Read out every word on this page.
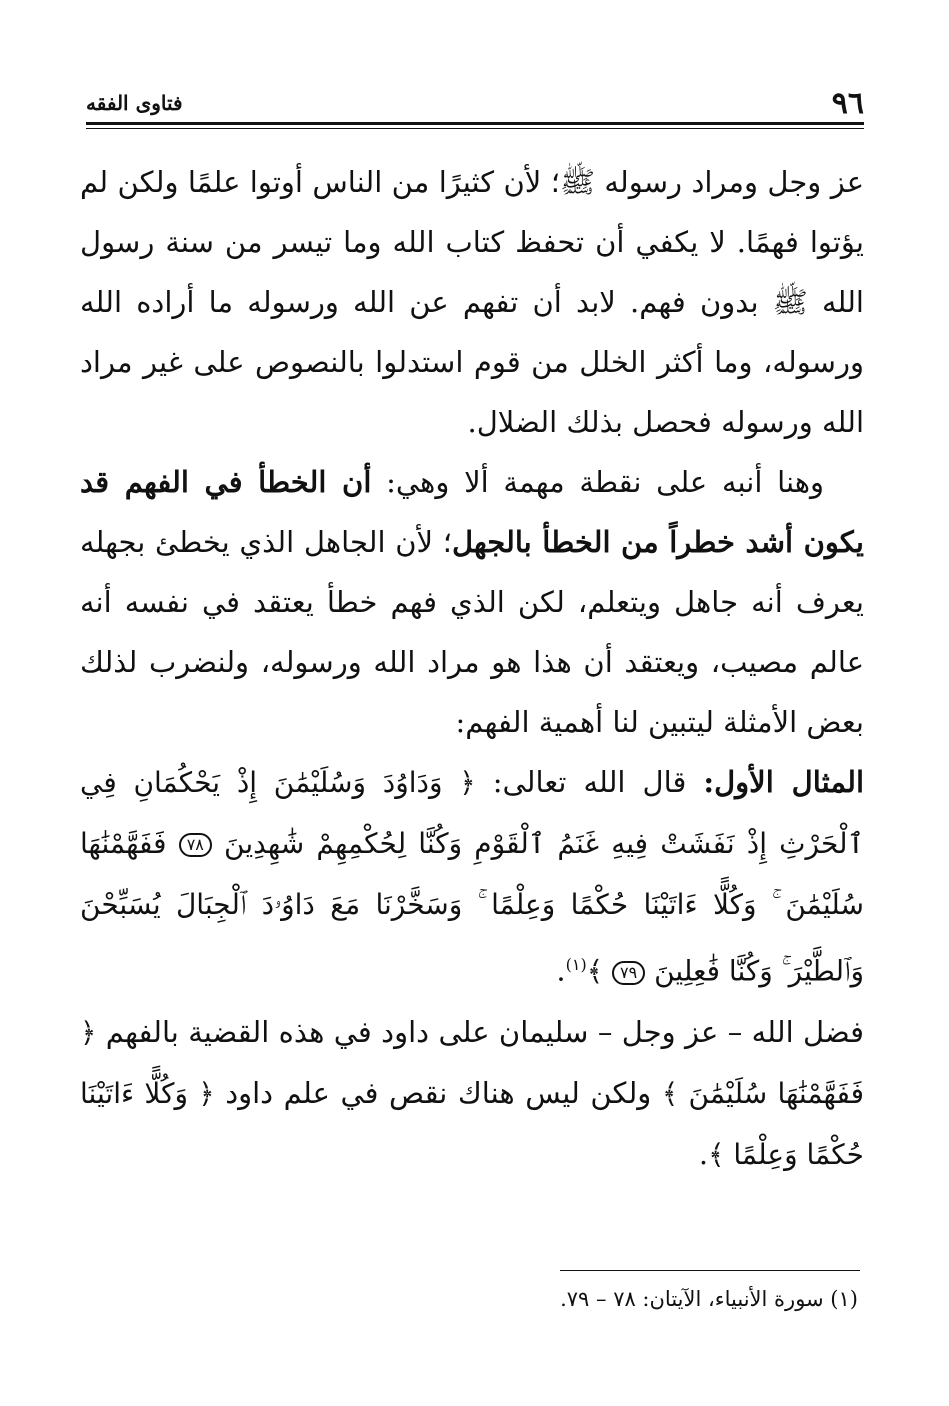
٩٦
فتاوى الفقه

عز وجل ومراد رسوله ﷺ؛ لأن كثيرًا من الناس أوتوا علمًا ولكن لم يؤتوا فهمًا. لا يكفي أن تحفظ كتاب الله وما تيسر من سنة رسول الله ﷺ بدون فهم. لابد أن تفهم عن الله ورسوله ما أراده الله ورسوله، وما أكثر الخلل من قوم استدلوا بالنصوص على غير مراد الله ورسوله فحصل بذلك الضلال.

وهنا أنبه على نقطة مهمة ألا وهي: أن الخطأ في الفهم قد يكون أشد خطراً من الخطأ بالجهل؛ لأن الجاهل الذي يخطئ بجهله يعرف أنه جاهل ويتعلم، لكن الذي فهم خطأ يعتقد في نفسه أنه عالم مصيب، ويعتقد أن هذا هو مراد الله ورسوله، ولنضرب لذلك بعض الأمثلة ليتبين لنا أهمية الفهم:

المثال الأول: قال الله تعالى: ﴿ وَدَاوُدَ وَسُلَيْمَٰنَ إِذْ يَحْكُمَانِ فِي ٱلْحَرْثِ إِذْ نَفَشَتْ فِيهِ غَنَمُ ٱلْقَوْمِ وَكُنَّا لِحُكْمِهِمْ شَٰهِدِينَ ٧٨ فَفَهَّمْنَٰهَا سُلَيْمَٰنَ ۚ وَكُلًّا ءَاتَيْنَا حُكْمًا وَعِلْمًا ۚ وَسَخَّرْنَا مَعَ دَاوُۥدَ ٱلْجِبَالَ يُسَبِّحْنَ وَٱلطَّيْرَ ۚ وَكُنَّا فَٰعِلِينَ ٧٩ ﴾$^{(١)}$.

فضل الله – عز وجل – سليمان على داود في هذه القضية بالفهم ﴿ فَفَهَّمْنَٰهَا سُلَيْمَٰنَ ﴾ ولكن ليس هناك نقص في علم داود ﴿ وَكُلًّا ءَاتَيْنَا حُكْمًا وَعِلْمًا ﴾.

(١) سورة الأنبياء، الآيتان: ٧٨ – ٧٩.
